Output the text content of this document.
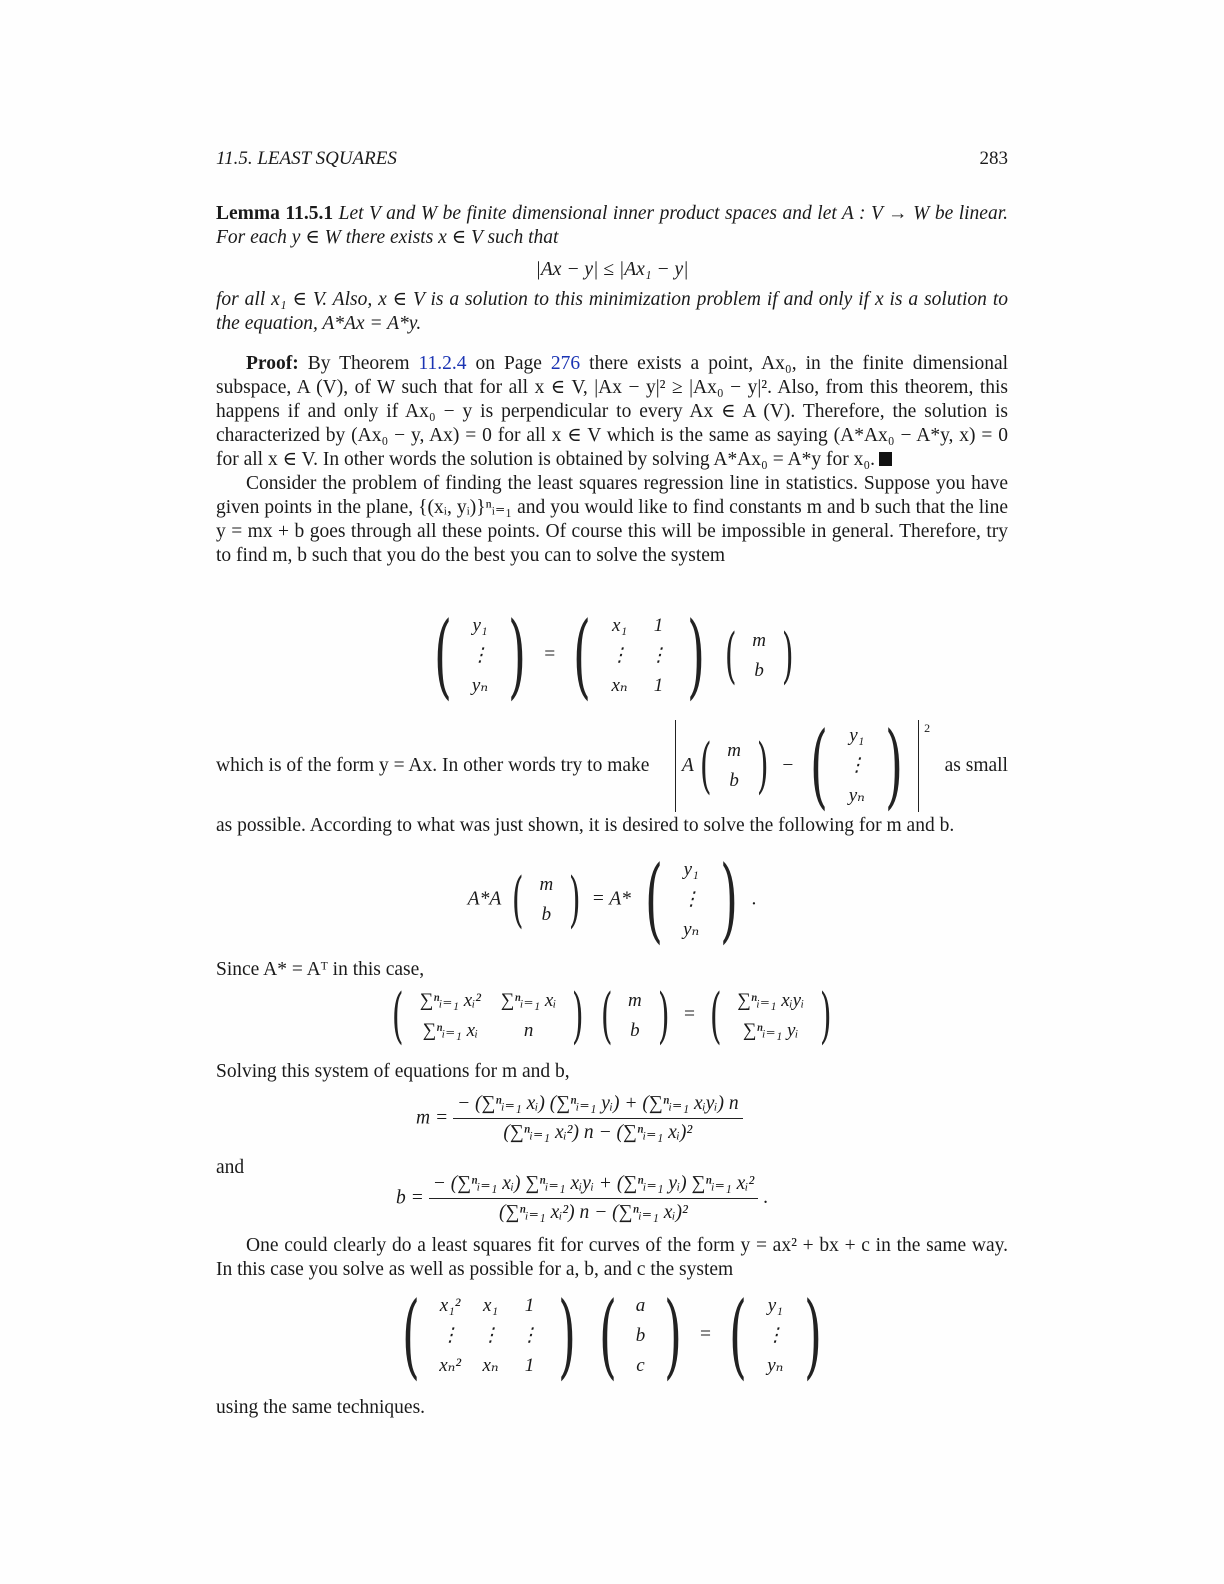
11.5. LEAST SQUARES	283

Lemma 11.5.1 Let V and W be finite dimensional inner product spaces and let A : V → W be linear. For each y ∈ W there exists x ∈ V such that

|Ax − y| ≤ |Ax₁ − y|

for all x₁ ∈ V. Also, x ∈ V is a solution to this minimization problem if and only if x is a solution to the equation, A*Ax = A*y.

Proof: By Theorem 11.2.4 on Page 276 there exists a point, Ax₀, in the finite dimensional subspace, A (V), of W such that for all x ∈ V, |Ax − y|² ≥ |Ax₀ − y|². Also, from this theorem, this happens if and only if Ax₀ − y is perpendicular to every Ax ∈ A (V). Therefore, the solution is characterized by (Ax₀ − y, Ax) = 0 for all x ∈ V which is the same as saying (A*Ax₀ − A*y, x) = 0 for all x ∈ V. In other words the solution is obtained by solving A*Ax₀ = A*y for x₀.

Consider the problem of finding the least squares regression line in statistics. Suppose you have given points in the plane, {(xᵢ, yᵢ)}ⁿᵢ₌₁ and you would like to find constants m and b such that the line y = mx + b goes through all these points. Of course this will be impossible in general. Therefore, try to find m, b such that you do the best you can to solve the system

( y₁
⋮
yₙ ) = ( x₁	1
⋮	⋮
xₙ	1 )
( m
b )
which is of the form y = Ax. In other words try to make A ( m
b ) − ( y₁
⋮
yₙ ) 2
as small

as possible. According to what was just shown, it is desired to solve the following for m and b.

A*A ( m
b ) = A* ( y₁
⋮
yₙ ) .

Since A* = Aᵀ in this case,

( ∑ⁿᵢ₌₁ xᵢ²	∑ⁿᵢ₌₁ xᵢ
∑ⁿᵢ₌₁ xᵢ	n )
( m
b ) = ( ∑ⁿᵢ₌₁ xᵢyᵢ
∑ⁿᵢ₌₁ yᵢ )

Solving this system of equations for m and b,

$m = \frac{\text{− (∑ⁿᵢ₌₁ xᵢ) (∑ⁿᵢ₌₁ yᵢ) + (∑ⁿᵢ₌₁ xᵢyᵢ) n}}{\text{(∑ⁿᵢ₌₁ xᵢ²) n − (∑ⁿᵢ₌₁ xᵢ)²}}$

and

$b = \frac{\text{− (∑ⁿᵢ₌₁ xᵢ) ∑ⁿᵢ₌₁ xᵢyᵢ + (∑ⁿᵢ₌₁ yᵢ) ∑ⁿᵢ₌₁ xᵢ²}}{\text{(∑ⁿᵢ₌₁ xᵢ²) n − (∑ⁿᵢ₌₁ xᵢ)²}}$ .

One could clearly do a least squares fit for curves of the form y = ax² + bx + c in the same way. In this case you solve as well as possible for a, b, and c the system

( x₁²	x₁	1
⋮	⋮	⋮
xₙ²	xₙ	1 )
( a
b
c ) = ( y₁
⋮
yₙ )

using the same techniques.
